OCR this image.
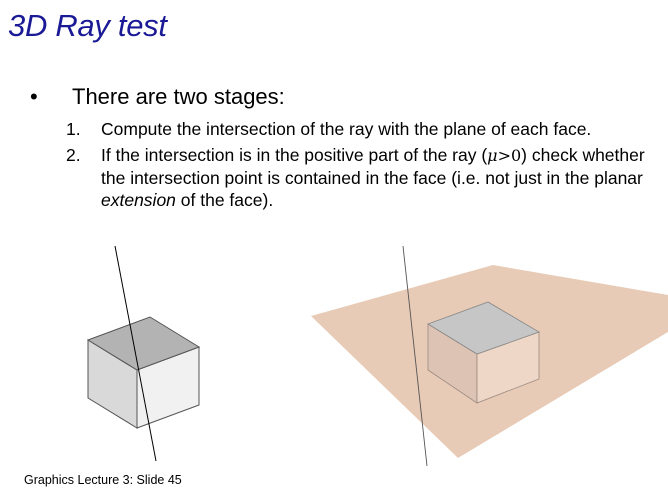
3D Ray test
• There are two stages:
1. Compute the intersection of the ray with the plane of each face.
2. If the intersection is in the positive part of the ray (μ>0) check whether the intersection point is contained in the face (i.e. not just in the planar extension of the face).
Graphics Lecture 3: Slide 45
